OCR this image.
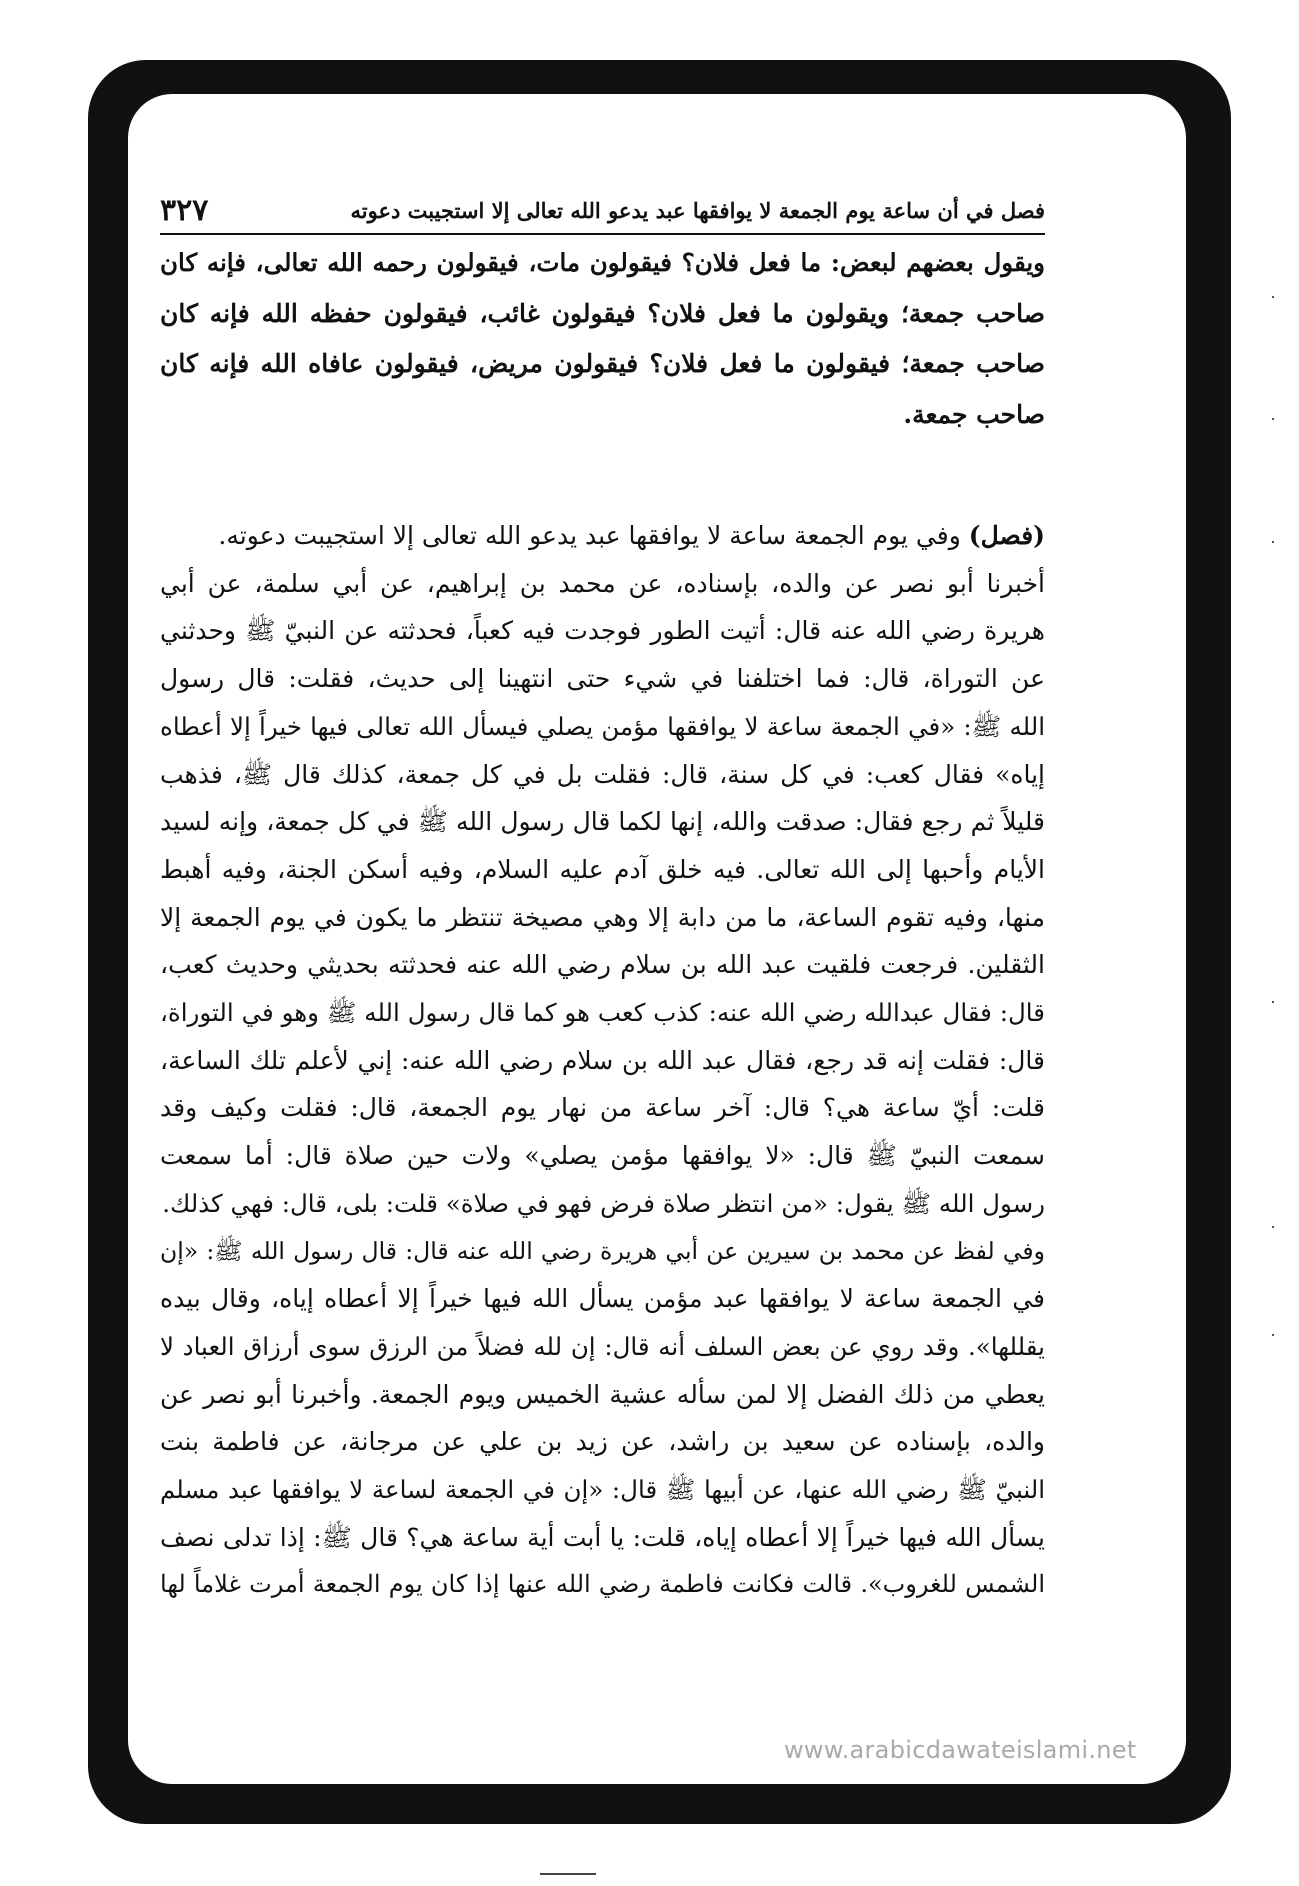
فصل في أن ساعة يوم الجمعة لا يوافقها عبد يدعو الله تعالى إلا استجيبت دعوته
٣٢٧

ويقول بعضهم لبعض: ما فعل فلان؟ فيقولون مات، فيقولون رحمه الله تعالى، فإنه كان

صاحب جمعة؛ ويقولون ما فعل فلان؟ فيقولون غائب، فيقولون حفظه الله فإنه كان

صاحب جمعة؛ فيقولون ما فعل فلان؟ فيقولون مريض، فيقولون عافاه الله فإنه كان

صاحب جمعة.

(فصل) وفي يوم الجمعة ساعة لا يوافقها عبد يدعو الله تعالى إلا استجيبت دعوته.

أخبرنا أبو نصر عن والده، بإسناده، عن محمد بن إبراهيم، عن أبي سلمة، عن أبي

هريرة رضي الله عنه قال: أتيت الطور فوجدت فيه كعباً، فحدثته عن النبيّ ﷺ وحدثني

عن التوراة، قال: فما اختلفنا في شيء حتى انتهينا إلى حديث، فقلت: قال رسول

الله ﷺ: «في الجمعة ساعة لا يوافقها مؤمن يصلي فيسأل الله تعالى فيها خيراً إلا أعطاه

إياه» فقال كعب: في كل سنة، قال: فقلت بل في كل جمعة، كذلك قال ﷺ، فذهب

قليلاً ثم رجع فقال: صدقت والله، إنها لكما قال رسول الله ﷺ في كل جمعة، وإنه لسيد

الأيام وأحبها إلى الله تعالى. فيه خلق آدم عليه السلام، وفيه أسكن الجنة، وفيه أهبط

منها، وفيه تقوم الساعة، ما من دابة إلا وهي مصيخة تنتظر ما يكون في يوم الجمعة إلا

الثقلين. فرجعت فلقيت عبد الله بن سلام رضي الله عنه فحدثته بحديثي وحديث كعب،

قال: فقال عبدالله رضي الله عنه: كذب كعب هو كما قال رسول الله ﷺ وهو في التوراة،

قال: فقلت إنه قد رجع، فقال عبد الله بن سلام رضي الله عنه: إني لأعلم تلك الساعة،

قلت: أيّ ساعة هي؟ قال: آخر ساعة من نهار يوم الجمعة، قال: فقلت وكيف وقد

سمعت النبيّ ﷺ قال: «لا يوافقها مؤمن يصلي» ولات حين صلاة قال: أما سمعت

رسول الله ﷺ يقول: «من انتظر صلاة فرض فهو في صلاة» قلت: بلى، قال: فهي كذلك.

وفي لفظ عن محمد بن سيرين عن أبي هريرة رضي الله عنه قال: قال رسول الله ﷺ: «إن

في الجمعة ساعة لا يوافقها عبد مؤمن يسأل الله فيها خيراً إلا أعطاه إياه، وقال بيده

يقللها». وقد روي عن بعض السلف أنه قال: إن لله فضلاً من الرزق سوى أرزاق العباد لا

يعطي من ذلك الفضل إلا لمن سأله عشية الخميس ويوم الجمعة. وأخبرنا أبو نصر عن

والده، بإسناده عن سعيد بن راشد، عن زيد بن علي عن مرجانة، عن فاطمة بنت

النبيّ ﷺ رضي الله عنها، عن أبيها ﷺ قال: «إن في الجمعة لساعة لا يوافقها عبد مسلم

يسأل الله فيها خيراً إلا أعطاه إياه، قلت: يا أبت أية ساعة هي؟ قال ﷺ: إذا تدلى نصف

الشمس للغروب». قالت فكانت فاطمة رضي الله عنها إذا كان يوم الجمعة أمرت غلاماً لها

www.arabicdawateislami.net
